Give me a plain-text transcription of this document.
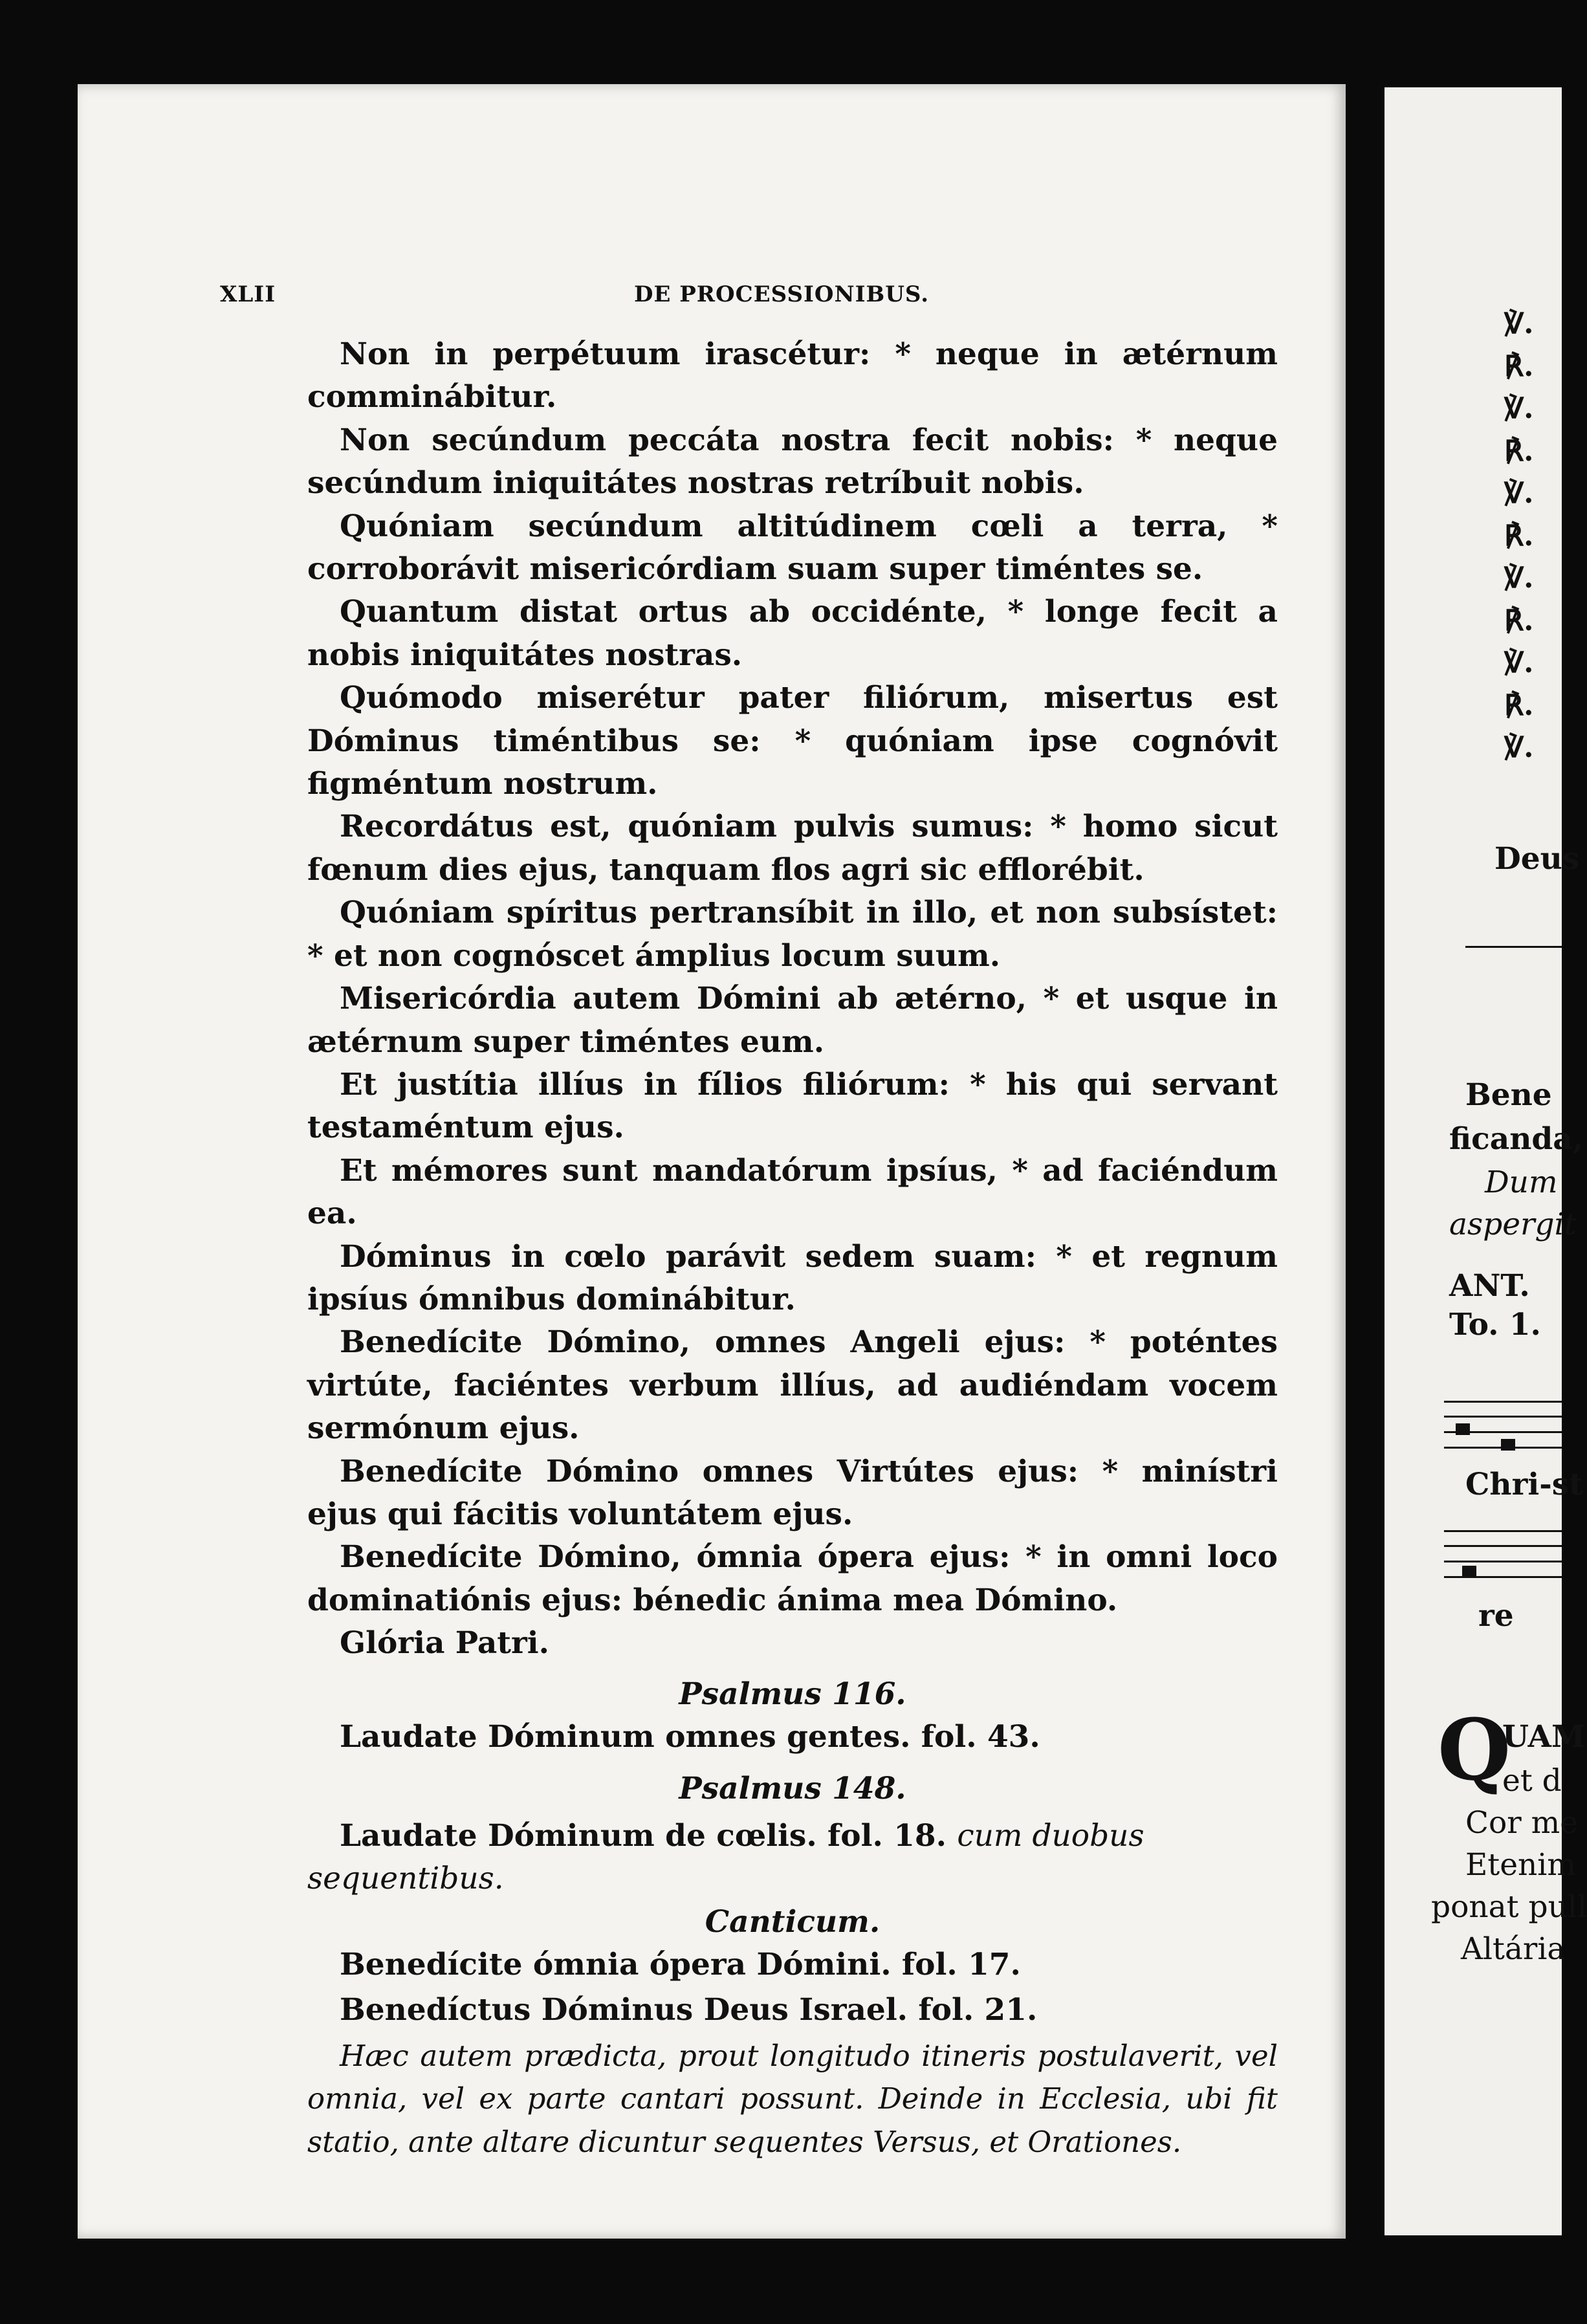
XLII	DE PROCESSIONIBUS.

Non in perpétuum irascétur: * neque in ætérnum comminábitur.

Non secúndum peccáta nostra fecit nobis: * neque secúndum iniquitátes nostras retríbuit nobis.

Quóniam secúndum altitúdinem cœli a terra, * corroborávit misericórdiam suam super timéntes se.

Quantum distat ortus ab occidénte, * longe fecit a nobis iniquitátes nostras.

Quómodo miserétur pater filiórum, misertus est Dóminus timéntibus se: * quóniam ipse cognóvit figméntum nostrum.

Recordátus est, quóniam pulvis sumus: * homo sicut fœnum dies ejus, tanquam flos agri sic efflorébit.

Quóniam spíritus pertransíbit in illo, et non subsístet: * et non cognóscet ámplius locum suum.

Misericórdia autem Dómini ab ætérno, * et usque in ætérnum super timéntes eum.

Et justítia illíus in fílios filiórum: * his qui servant testaméntum ejus.

Et mémores sunt mandatórum ipsíus, * ad faciéndum ea.

Dóminus in cœlo parávit sedem suam: * et regnum ipsíus ómnibus dominábitur.

Benedícite Dómino, omnes Angeli ejus: * poténtes virtúte, faciéntes verbum illíus, ad audiéndam vocem sermónum ejus.

Benedícite Dómino omnes Virtútes ejus: * minístri ejus qui fácitis voluntátem ejus.

Benedícite Dómino, ómnia ópera ejus: * in omni loco dominatiónis ejus: bénedic ánima mea Dómino.

Glória Patri.

Psalmus 116.

Laudate Dóminum omnes gentes. fol. 43.

Psalmus 148.

Laudate Dóminum de cœlis. fol. 18. cum duobus sequentibus.

Canticum.

Benedícite ómnia ópera Dómini. fol. 17.

Benedíctus Dóminus Deus Israel. fol. 21.

Hæc autem prædicta, prout longitudo itineris postulaverit, vel omnia, vel ex parte cantari possunt. Deinde in Ecclesia, ubi fit statio, ante altare dicuntur sequentes Versus, et Orationes.

℣.
℟.
℣.
℟.
℣.
℟.
℣.
℟.
℣.
℟.
℣.
Deus
Bene
ficanda,
Dum
aspergit
ANT.
To. 1.
Chri-st
re
Q
UAM
et d
Cor me
Etenim
ponat pull
Altária
